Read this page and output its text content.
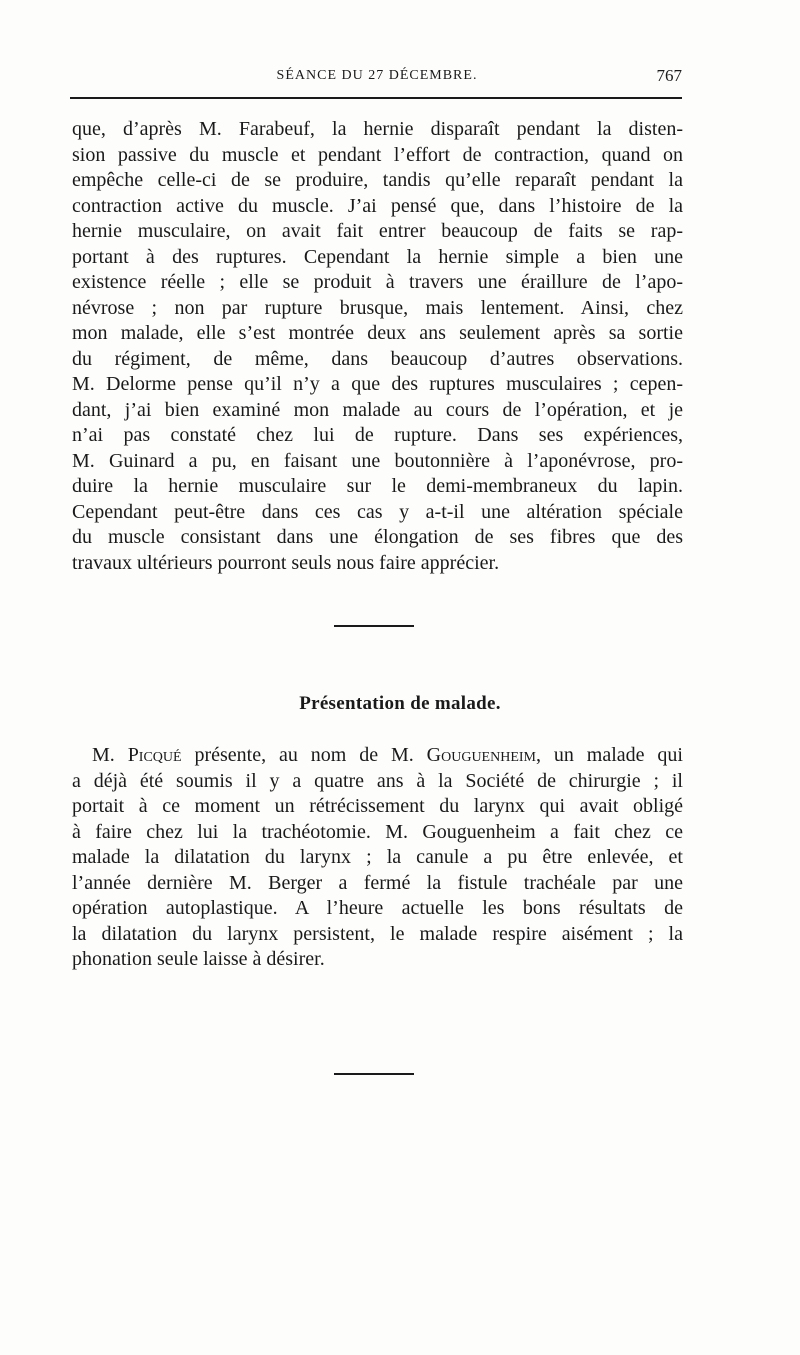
SÉANCE DU 27 DÉCEMBRE.	767
que, d’après M. Farabeuf, la hernie disparaît pendant la disten-
sion passive du muscle et pendant l’effort de contraction, quand on
empêche celle-ci de se produire, tandis qu’elle reparaît pendant la
contraction active du muscle. J’ai pensé que, dans l’histoire de la
hernie musculaire, on avait fait entrer beaucoup de faits se rap-
portant à des ruptures. Cependant la hernie simple a bien une
existence réelle ; elle se produit à travers une éraillure de l’apo-
névrose ; non par rupture brusque, mais lentement. Ainsi, chez
mon malade, elle s’est montrée deux ans seulement après sa sortie
du régiment, de même, dans beaucoup d’autres observations.
M. Delorme pense qu’il n’y a que des ruptures musculaires ; cepen-
dant, j’ai bien examiné mon malade au cours de l’opération, et je
n’ai pas constaté chez lui de rupture. Dans ses expériences,
M. Guinard a pu, en faisant une boutonnière à l’aponévrose, pro-
duire la hernie musculaire sur le demi-membraneux du lapin.
Cependant peut-être dans ces cas y a-t-il une altération spéciale
du muscle consistant dans une élongation de ses fibres que des
travaux ultérieurs pourront seuls nous faire apprécier.
Présentation de malade.
M. Picqué présente, au nom de M. Gouguenheim, un malade qui
a déjà été soumis il y a quatre ans à la Société de chirurgie ; il
portait à ce moment un rétrécissement du larynx qui avait obligé
à faire chez lui la trachéotomie. M. Gouguenheim a fait chez ce
malade la dilatation du larynx ; la canule a pu être enlevée, et
l’année dernière M. Berger a fermé la fistule trachéale par une
opération autoplastique. A l’heure actuelle les bons résultats de
la dilatation du larynx persistent, le malade respire aisément ; la
phonation seule laisse à désirer.
